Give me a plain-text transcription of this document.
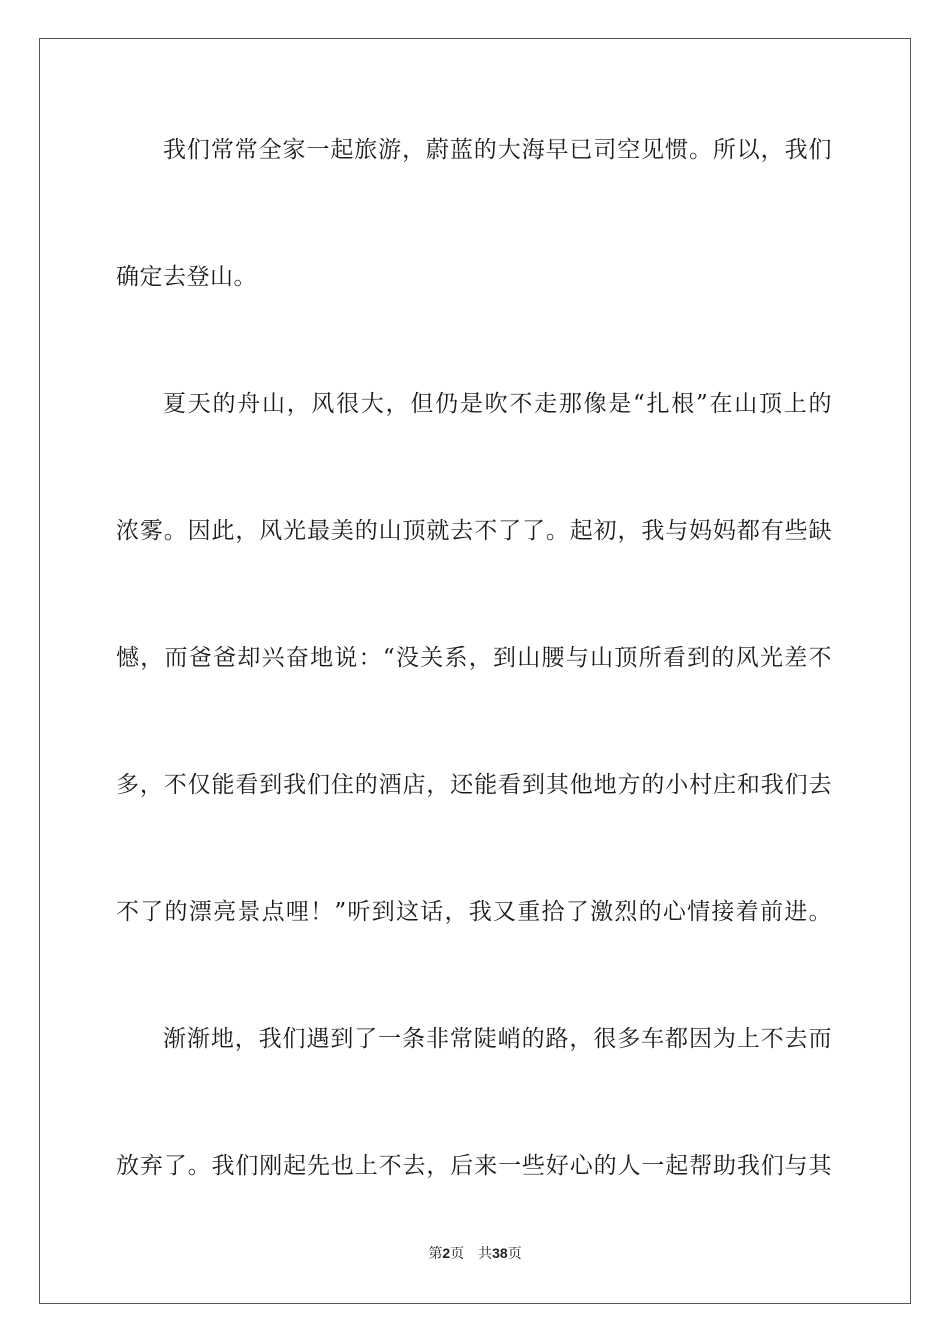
我们常常全家一起旅游，蔚蓝的大海早已司空见惯。所以，我们
确定去登山。
夏天的舟山，风很大，但仍是吹不走那像是“扎根”在山顶上的
浓雾。因此，风光最美的山顶就去不了了。起初，我与妈妈都有些缺
憾，而爸爸却兴奋地说：“没关系，到山腰与山顶所看到的风光差不
多，不仅能看到我们住的酒店，还能看到其他地方的小村庄和我们去
不了的漂亮景点哩！”听到这话，我又重拾了激烈的心情接着前进。
渐渐地，我们遇到了一条非常陡峭的路，很多车都因为上不去而
放弃了。我们刚起先也上不去，后来一些好心的人一起帮助我们与其
第2页 共38页
